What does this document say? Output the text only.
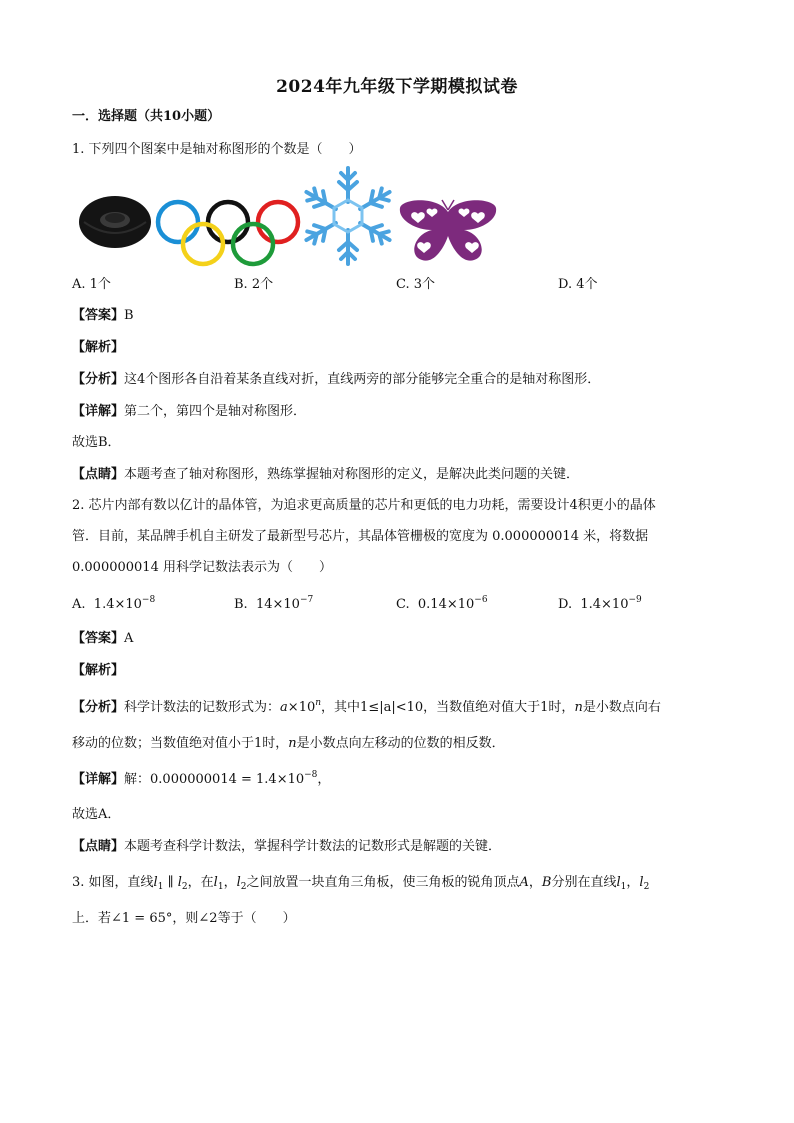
2024年九年级下学期模拟试卷
一．选择题（共10小题）
1. 下列四个图案中是轴对称图形的个数是（　　）
A. 1个	B. 2个	C. 3个	D. 4个
【答案】B
【解析】
【分析】这4个图形各自沿着某条直线对折，直线两旁的部分能够完全重合的是轴对称图形．
【详解】第二个，第四个是轴对称图形．
故选B．
【点睛】本题考查了轴对称图形，熟练掌握轴对称图形的定义，是解决此类问题的关键．
2. 芯片内部有数以亿计的晶体管，为追求更高质量的芯片和更低的电力功耗，需要设计4积更小的晶体
管．目前，某品牌手机自主研发了最新型号芯片，其晶体管栅极的宽度为 0.000000014 米，将数据
0.000000014 用科学记数法表示为（　　）
A. $1.4\times 10^{-8}$	B. $14\times 10^{-7}$	C. $0.14\times 10^{-6}$	D. $1.4\times 10^{-9}$
【答案】A
【解析】
【分析】科学计数法的记数形式为：$a\times 10^n$，其中1≤|a|<10，当数值绝对值大于1时，n是小数点向右
移动的位数；当数值绝对值小于1时，n是小数点向左移动的位数的相反数．
【详解】解：$0.000000014 = 1.4\times 10^{-8}$，
故选A．
【点睛】本题考查科学计数法，掌握科学计数法的记数形式是解题的关键．
3. 如图，直线$l_1$ ∥ $l_2$，在$l_1$，$l_2$之间放置一块直角三角板，使三角板的锐角顶点A，B分别在直线$l_1$，$l_2$
上．若∠1 = 65°，则∠2等于（　　）
